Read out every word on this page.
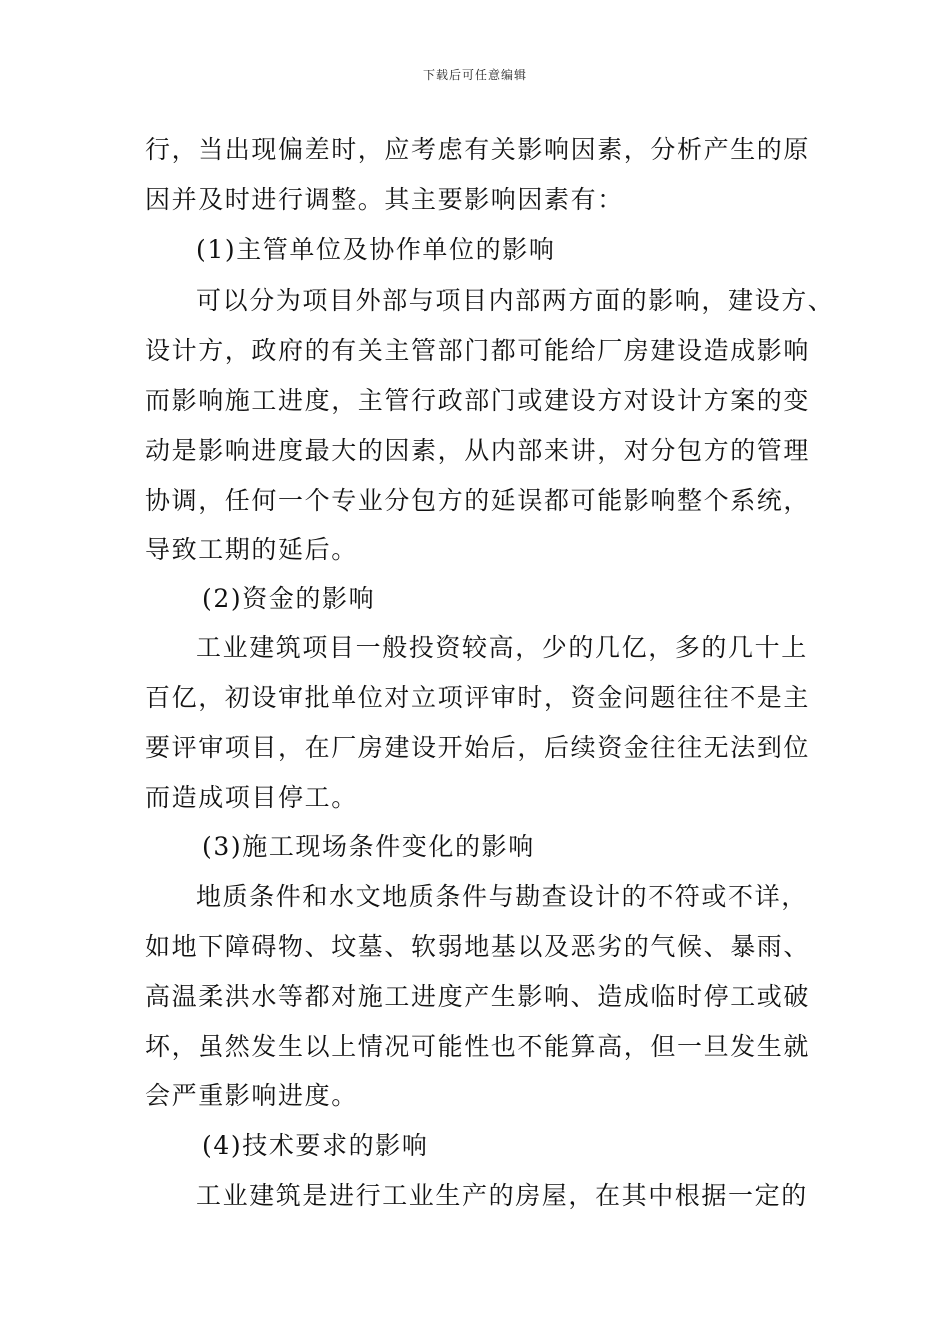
下载后可任意编辑
行，当出现偏差时，应考虑有关影响因素，分析产生的原
因并及时进行调整。其主要影响因素有：
(1)主管单位及协作单位的影响
可以分为项目外部与项目内部两方面的影响，建设方、
设计方，政府的有关主管部门都可能给厂房建设造成影响
而影响施工进度，主管行政部门或建设方对设计方案的变
动是影响进度最大的因素，从内部来讲，对分包方的管理
协调，任何一个专业分包方的延误都可能影响整个系统，
导致工期的延后。
(2)资金的影响
工业建筑项目一般投资较高，少的几亿，多的几十上
百亿，初设审批单位对立项评审时，资金问题往往不是主
要评审项目，在厂房建设开始后，后续资金往往无法到位
而造成项目停工。
(3)施工现场条件变化的影响
地质条件和水文地质条件与勘查设计的不符或不详，
如地下障碍物、坟墓、软弱地基以及恶劣的气候、暴雨、
高温柔洪水等都对施工进度产生影响、造成临时停工或破
坏，虽然发生以上情况可能性也不能算高，但一旦发生就
会严重影响进度。
(4)技术要求的影响
工业建筑是进行工业生产的房屋，在其中根据一定的
